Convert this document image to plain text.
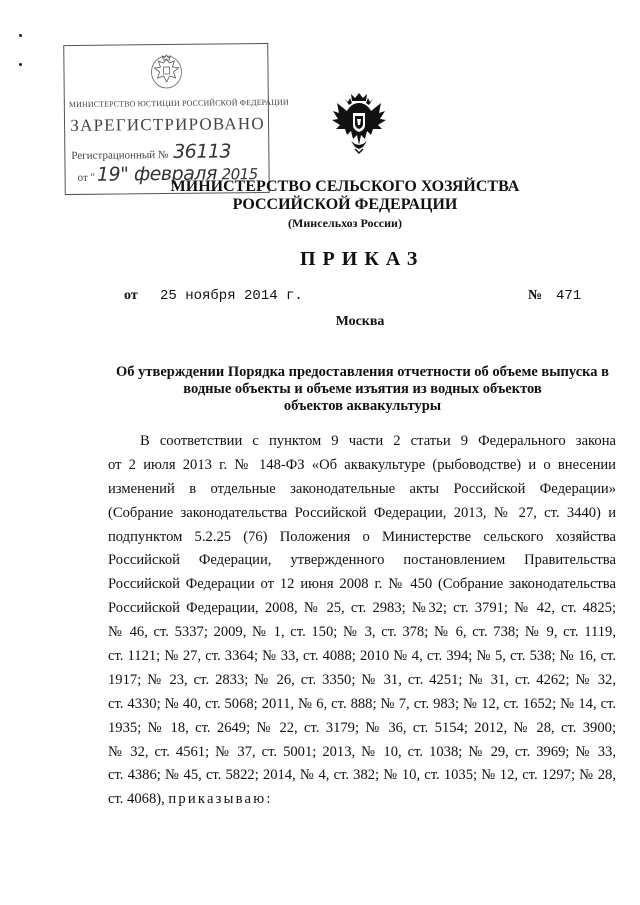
МИНИСТЕРСТВО ЮСТИЦИИ РОССИЙСКОЙ ФЕДЕРАЦИИ
ЗАРЕГИСТРИРОВАНО
Регистрационный № 36113
от "19" февраля 2015
МИНИСТЕРСТВО СЕЛЬСКОГО ХОЗЯЙСТВА
РОССИЙСКОЙ ФЕДЕРАЦИИ
(Минсельхоз России)
ПРИКАЗ
от 25 ноября 2014 г.	№ 471
Москва
Об утверждении Порядка предоставления отчетности об объеме выпуска в
водные объекты и объеме изъятия из водных объектов
объектов аквакультуры
В соответствии с пунктом 9 части 2 статьи 9 Федерального закона
от 2 июля 2013 г. № 148-ФЗ «Об аквакультуре (рыбоводстве) и о внесении
изменений в отдельные законодательные акты Российской Федерации»
(Собрание законодательства Российской Федерации, 2013, № 27, ст. 3440) и
подпунктом 5.2.25 (76) Положения о Министерстве сельского хозяйства
Российской Федерации, утвержденного постановлением Правительства
Российской Федерации от 12 июня 2008 г. № 450 (Собрание законодательства
Российской Федерации, 2008, № 25, ст. 2983; №32; ст. 3791; № 42, ст. 4825;
№ 46, ст. 5337; 2009, № 1, ст. 150; № 3, ст. 378; № 6, ст. 738; № 9, ст. 1119,
ст. 1121; № 27, ст. 3364; № 33, ст. 4088; 2010 № 4, ст. 394; № 5, ст. 538; № 16, ст.
1917; № 23, ст. 2833; № 26, ст. 3350; № 31, ст. 4251; № 31, ст. 4262; № 32,
ст. 4330; № 40, ст. 5068; 2011, № 6, ст. 888; № 7, ст. 983; № 12, ст. 1652; № 14, ст.
1935; № 18, ст. 2649; № 22, ст. 3179; № 36, ст. 5154; 2012, № 28, ст. 3900;
№ 32, ст. 4561; № 37, ст. 5001; 2013, № 10, ст. 1038; № 29, ст. 3969; № 33,
ст. 4386; № 45, ст. 5822; 2014, № 4, ст. 382; № 10, ст. 1035; № 12, ст. 1297; № 28,
ст. 4068), приказываю:
